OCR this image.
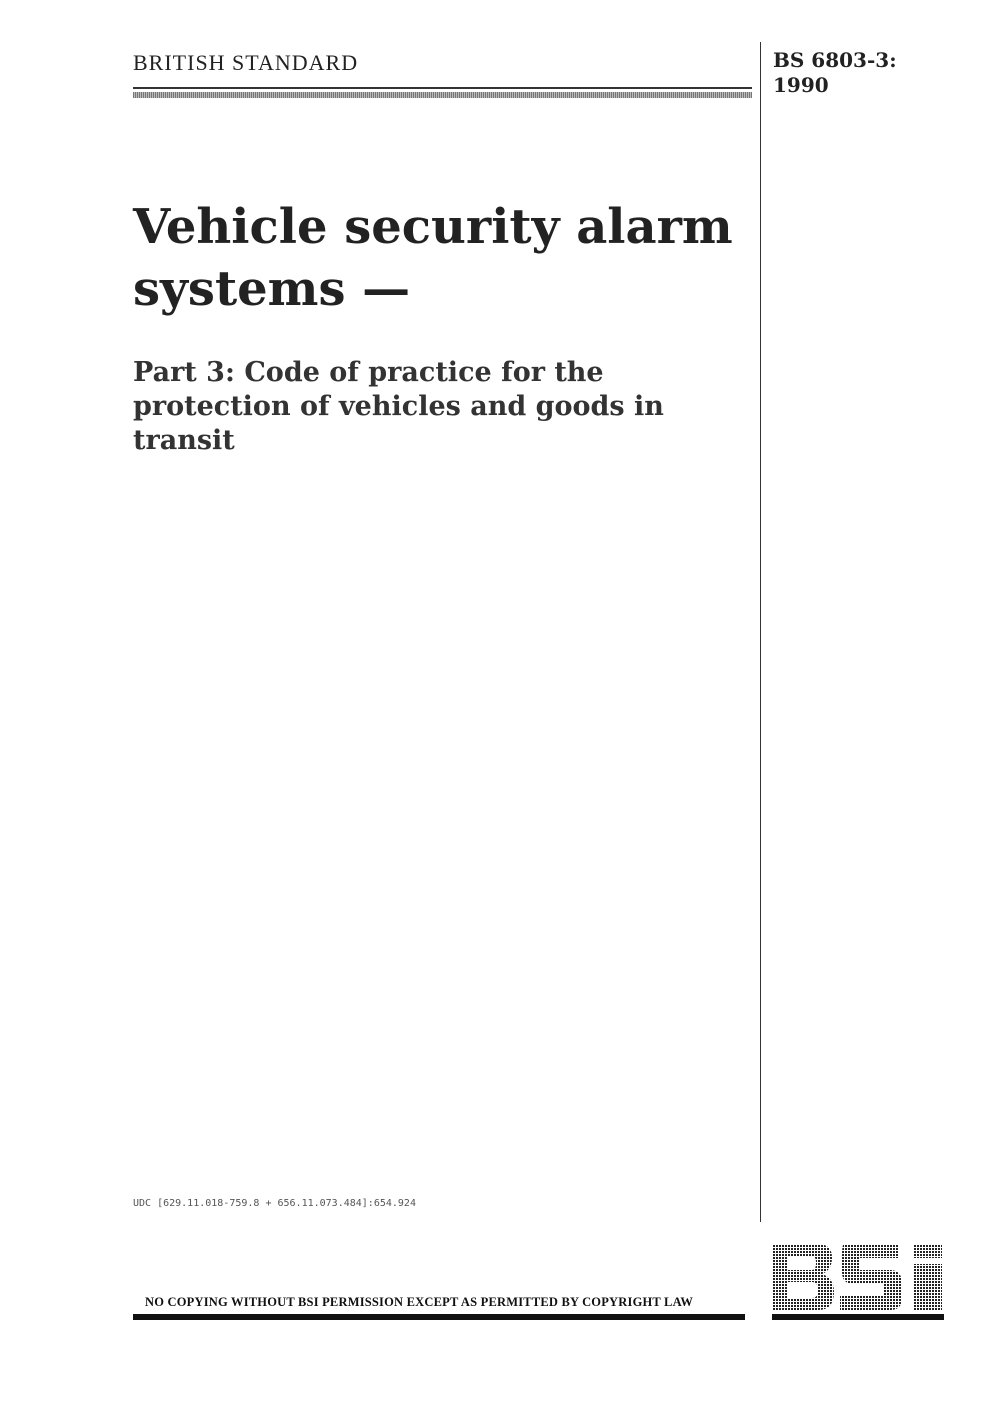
BRITISH STANDARD	BS 6803-3:
1990
Vehicle security alarm
systems —
Part 3: Code of practice for the
protection of vehicles and goods in
transit
UDC [629.11.018-759.8 + 656.11.073.484]:654.924
NO COPYING WITHOUT BSI PERMISSION EXCEPT AS PERMITTED BY COPYRIGHT LAW
